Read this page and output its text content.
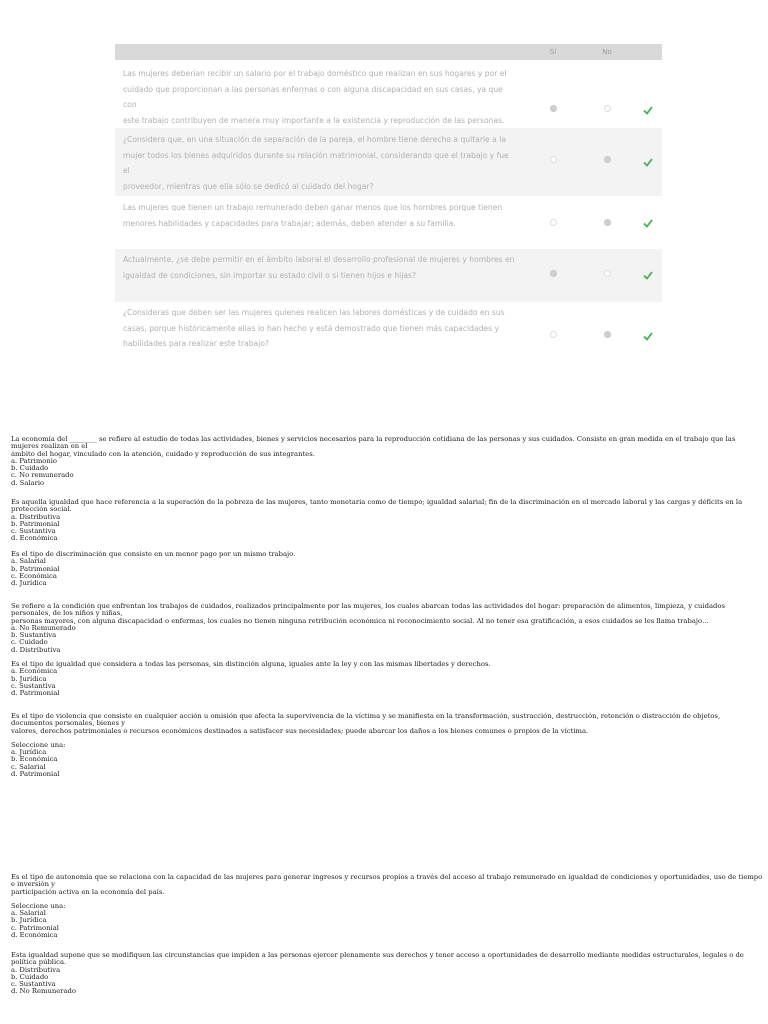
Sí	No
Las mujeres deberían recibir un salario por el trabajo doméstico que realizan en sus hogares y por el
cuidado que proporcionan a las personas enfermas o con alguna discapacidad en sus casas, ya que con
este trabajo contribuyen de manera muy importante a la existencia y reproducción de las personas.
¿Considera que, en una situación de separación de la pareja, el hombre tiene derecho a quitarle a la
mujer todos los bienes adquiridos durante su relación matrimonial, considerando que el trabajo y fue el
proveedor, mientras que ella sólo se dedicó al cuidado del hogar?
Las mujeres que tienen un trabajo remunerado deben ganar menos que los hombres porque tienen
menores habilidades y capacidades para trabajar; además, deben atender a su familia.
Actualmente, ¿se debe permitir en el ámbito laboral el desarrollo profesional de mujeres y hombres en
igualdad de condiciones, sin importar su estado civil o si tienen hijos e hijas?
¿Consideras que deben ser las mujeres quienes realicen las labores domésticas y de cuidado en sus
casas, porque históricamente ellas lo han hecho y está demostrado que tienen más capacidades y
habilidades para realizar este trabajo?

La economía del ________ se refiere al estudio de todas las actividades, bienes y servicios necesarios para la reproducción cotidiana de las personas y sus cuidados. Consiste en gran medida en el trabajo que las mujeres realizan en el
ámbito del hogar, vinculado con la atención, cuidado y reproducción de sus integrantes.

a. Patrimonio
b. Cuidado
c. No remunerado
d. Salario

Es aquella igualdad que hace referencia a la superación de la pobreza de las mujeres, tanto monetaria como de tiempo; igualdad salarial; fin de la discriminación en el mercado laboral y las cargas y déficits en la protección social.

a. Distributiva
b. Patrimonial
c. Sustantiva
d. Económica

Es el tipo de discriminación que consiste en un menor pago por un mismo trabajo.

a. Salarial
b. Patrimonial
c. Económica
d. Jurídica

Se refiere a la condición que enfrentan los trabajos de cuidados, realizados principalmente por las mujeres, los cuales abarcan todas las actividades del hogar: preparación de alimentos, limpieza, y cuidados personales, de los niños y niñas,
personas mayores, con alguna discapacidad o enfermas, los cuales no tienen ninguna retribución económica ni reconocimiento social. Al no tener esa gratificación, a esos cuidados se les llama trabajo…

a. No Remunerado
b. Sustantiva
c. Cuidado
d. Distributiva

Es el tipo de igualdad que considera a todas las personas, sin distinción alguna, iguales ante la ley y con las mismas libertades y derechos.

a. Económica
b. Jurídica
c. Sustantiva
d. Patrimonial

Es el tipo de violencia que consiste en cualquier acción u omisión que afecta la supervivencia de la víctima y se manifiesta en la transformación, sustracción, destrucción, retención o distracción de objetos, documentos personales, bienes y
valores, derechos patrimoniales o recursos económicos destinados a satisfacer sus necesidades; puede abarcar los daños a los bienes comunes o propios de la víctima.

Seleccione una:
a. Jurídica
b. Económica
c. Salarial
d. Patrimonial

Es el tipo de autonomía que se relaciona con la capacidad de las mujeres para generar ingresos y recursos propios a través del acceso al trabajo remunerado en igualdad de condiciones y oportunidades, uso de tiempo e inversión y
participación activa en la economía del país.

Seleccione una:
a. Salarial
b. Jurídica
c. Patrimonial
d. Económica

Esta igualdad supone que se modifiquen las circunstancias que impiden a las personas ejercer plenamente sus derechos y tener acceso a oportunidades de desarrollo mediante medidas estructurales, legales o de política pública.

a. Distributiva
b. Cuidado
c. Sustantiva
d. No Remunerado
